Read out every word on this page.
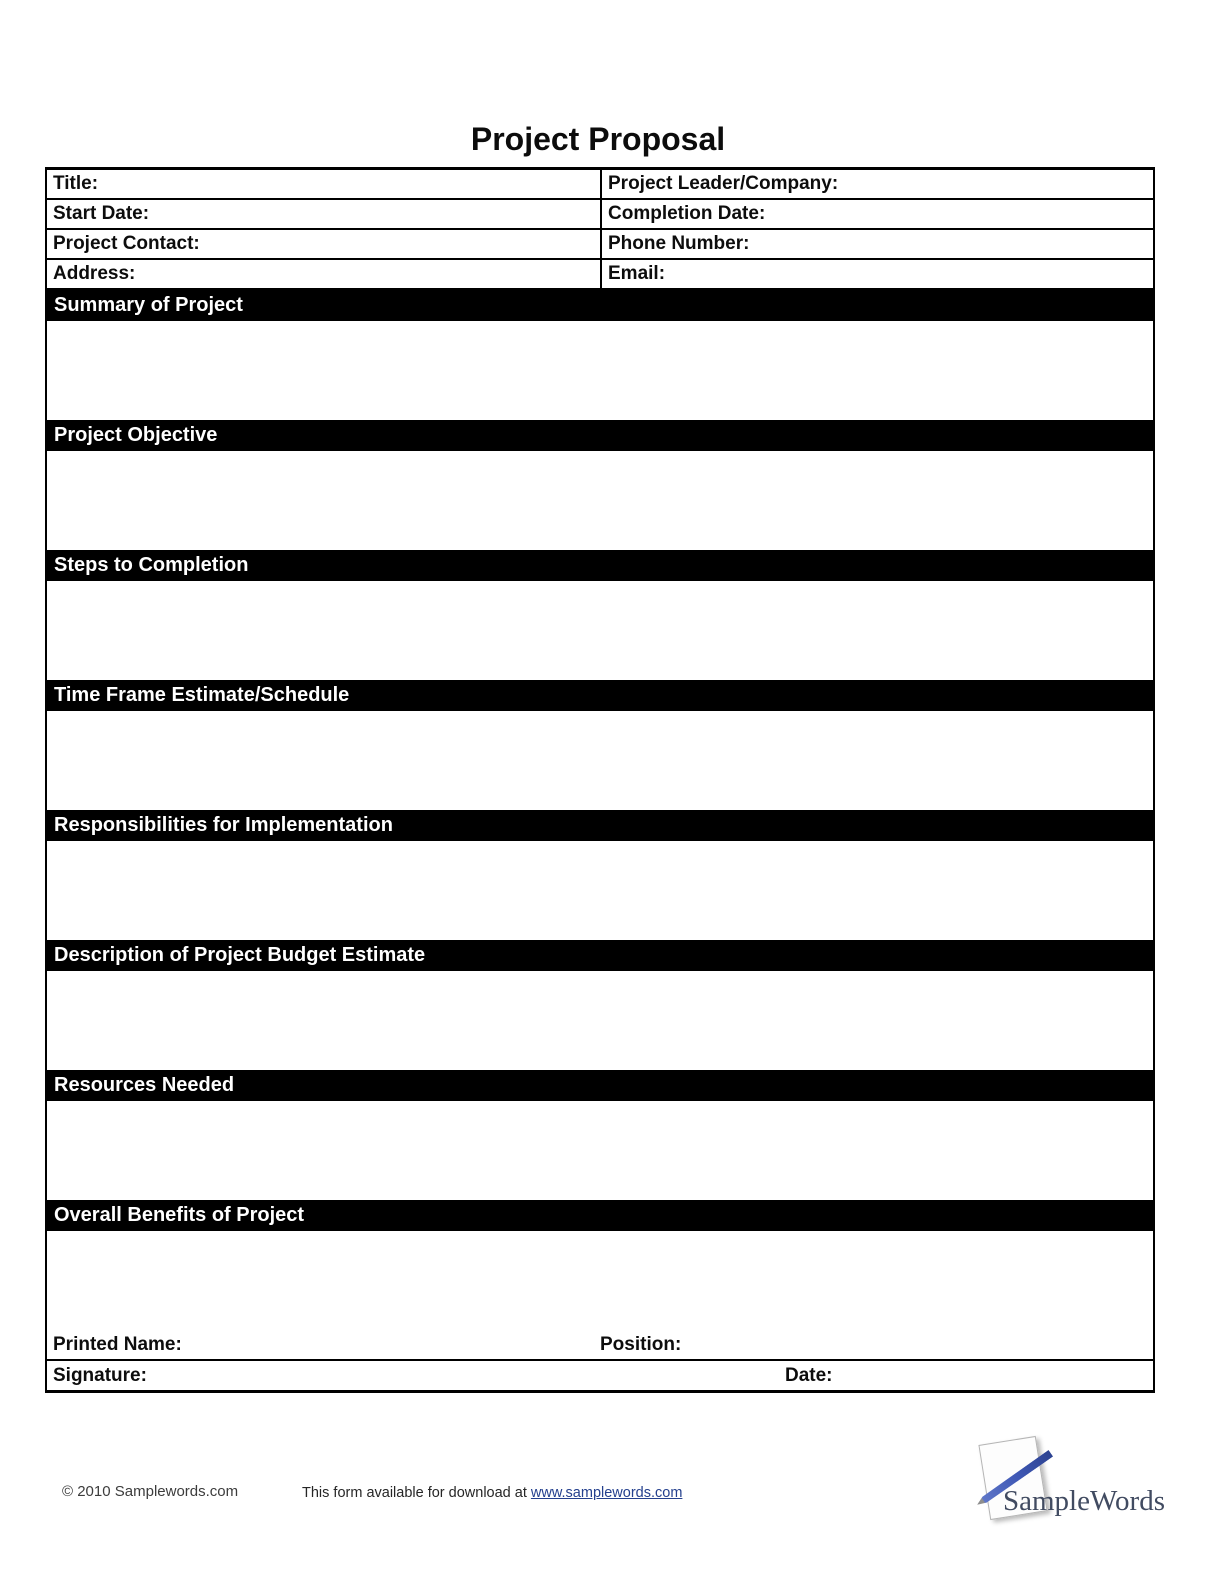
Project Proposal
Title:	Project Leader/Company:
Start Date:	Completion Date:
Project Contact:	Phone Number:
Address:	Email:
Summary of Project
Project Objective
Steps to Completion
Time Frame Estimate/Schedule
Responsibilities for Implementation
Description of Project Budget Estimate
Resources Needed
Overall Benefits of Project
Printed Name:	Position:
Signature:	Date:
© 2010 Samplewords.com	This form available for download at www.samplewords.com	SampleWords
